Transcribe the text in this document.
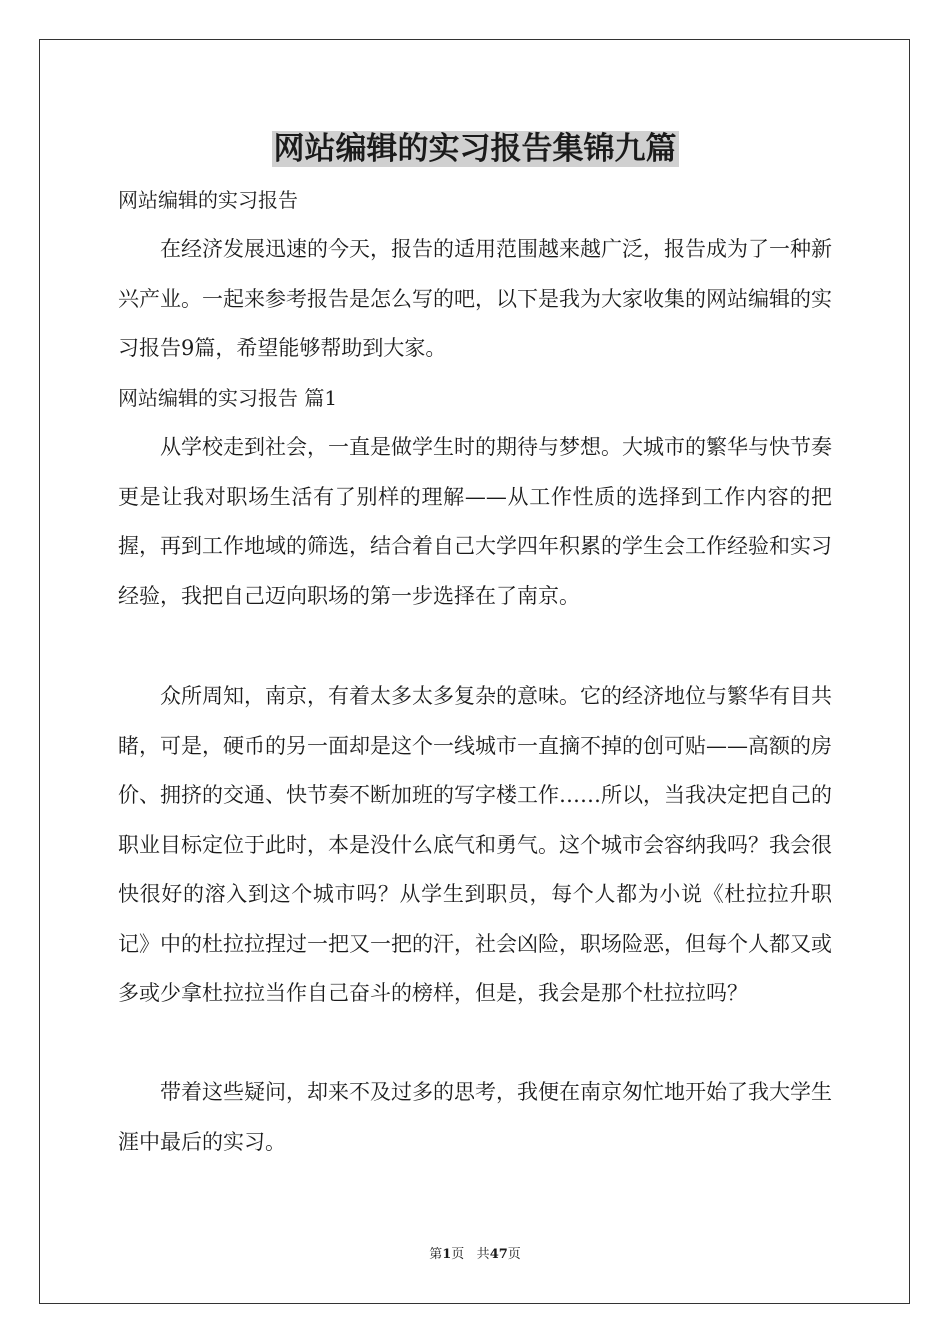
网站编辑的实习报告集锦九篇
网站编辑的实习报告

在经济发展迅速的今天，报告的适用范围越来越广泛，报告成为了一种新兴产业。一起来参考报告是怎么写的吧，以下是我为大家收集的网站编辑的实习报告9篇，希望能够帮助到大家。

网站编辑的实习报告 篇1

从学校走到社会，一直是做学生时的期待与梦想。大城市的繁华与快节奏更是让我对职场生活有了别样的理解——从工作性质的选择到工作内容的把握，再到工作地域的筛选，结合着自己大学四年积累的学生会工作经验和实习经验，我把自己迈向职场的第一步选择在了南京。

众所周知，南京，有着太多太多复杂的意味。它的经济地位与繁华有目共睹，可是，硬币的另一面却是这个一线城市一直摘不掉的创可贴——高额的房价、拥挤的交通、快节奏不断加班的写字楼工作……所以，当我决定把自己的职业目标定位于此时，本是没什么底气和勇气。这个城市会容纳我吗？我会很快很好的溶入到这个城市吗？从学生到职员，每个人都为小说《杜拉拉升职记》中的杜拉拉捏过一把又一把的汗，社会凶险，职场险恶，但每个人都又或多或少拿杜拉拉当作自己奋斗的榜样，但是，我会是那个杜拉拉吗？

带着这些疑问，却来不及过多的思考，我便在南京匆忙地开始了我大学生涯中最后的实习。

第1页 共47页
